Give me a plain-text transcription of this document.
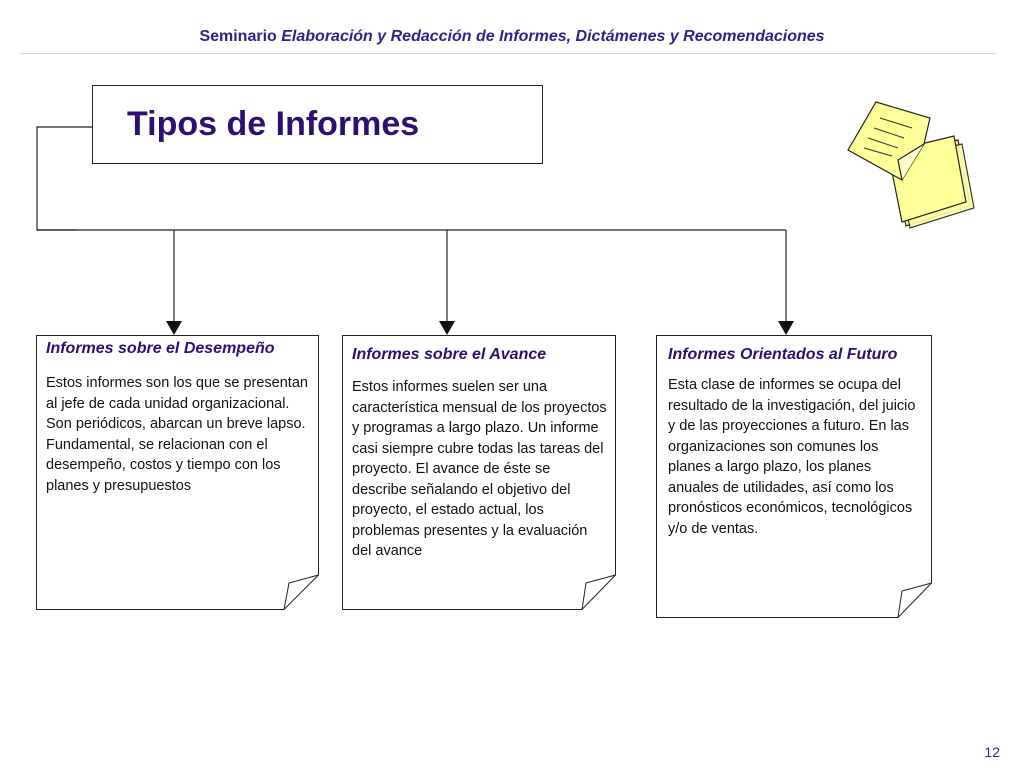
Seminario Elaboración y Redacción de Informes, Dictámenes y Recomendaciones
Tipos de Informes
Informes sobre el Desempeño

Estos informes son los que se presentan al jefe de cada unidad organizacional. Son periódicos, abarcan un breve lapso. Fundamental, se relacionan con el desempeño, costos y tiempo con los planes y presupuestos

Informes sobre el Avance

Estos informes suelen ser una característica mensual de los proyectos y programas a largo plazo. Un informe casi siempre cubre todas las tareas del proyecto. El avance de éste se describe señalando el objetivo del proyecto, el estado actual, los problemas presentes y la evaluación del avance

Informes Orientados al Futuro

Esta clase de informes se ocupa del resultado de la investigación, del juicio y de las proyecciones a futuro. En las organizaciones son comunes los planes a largo plazo, los planes anuales de utilidades, así como los pronósticos económicos, tecnológicos y/o de ventas.

12
